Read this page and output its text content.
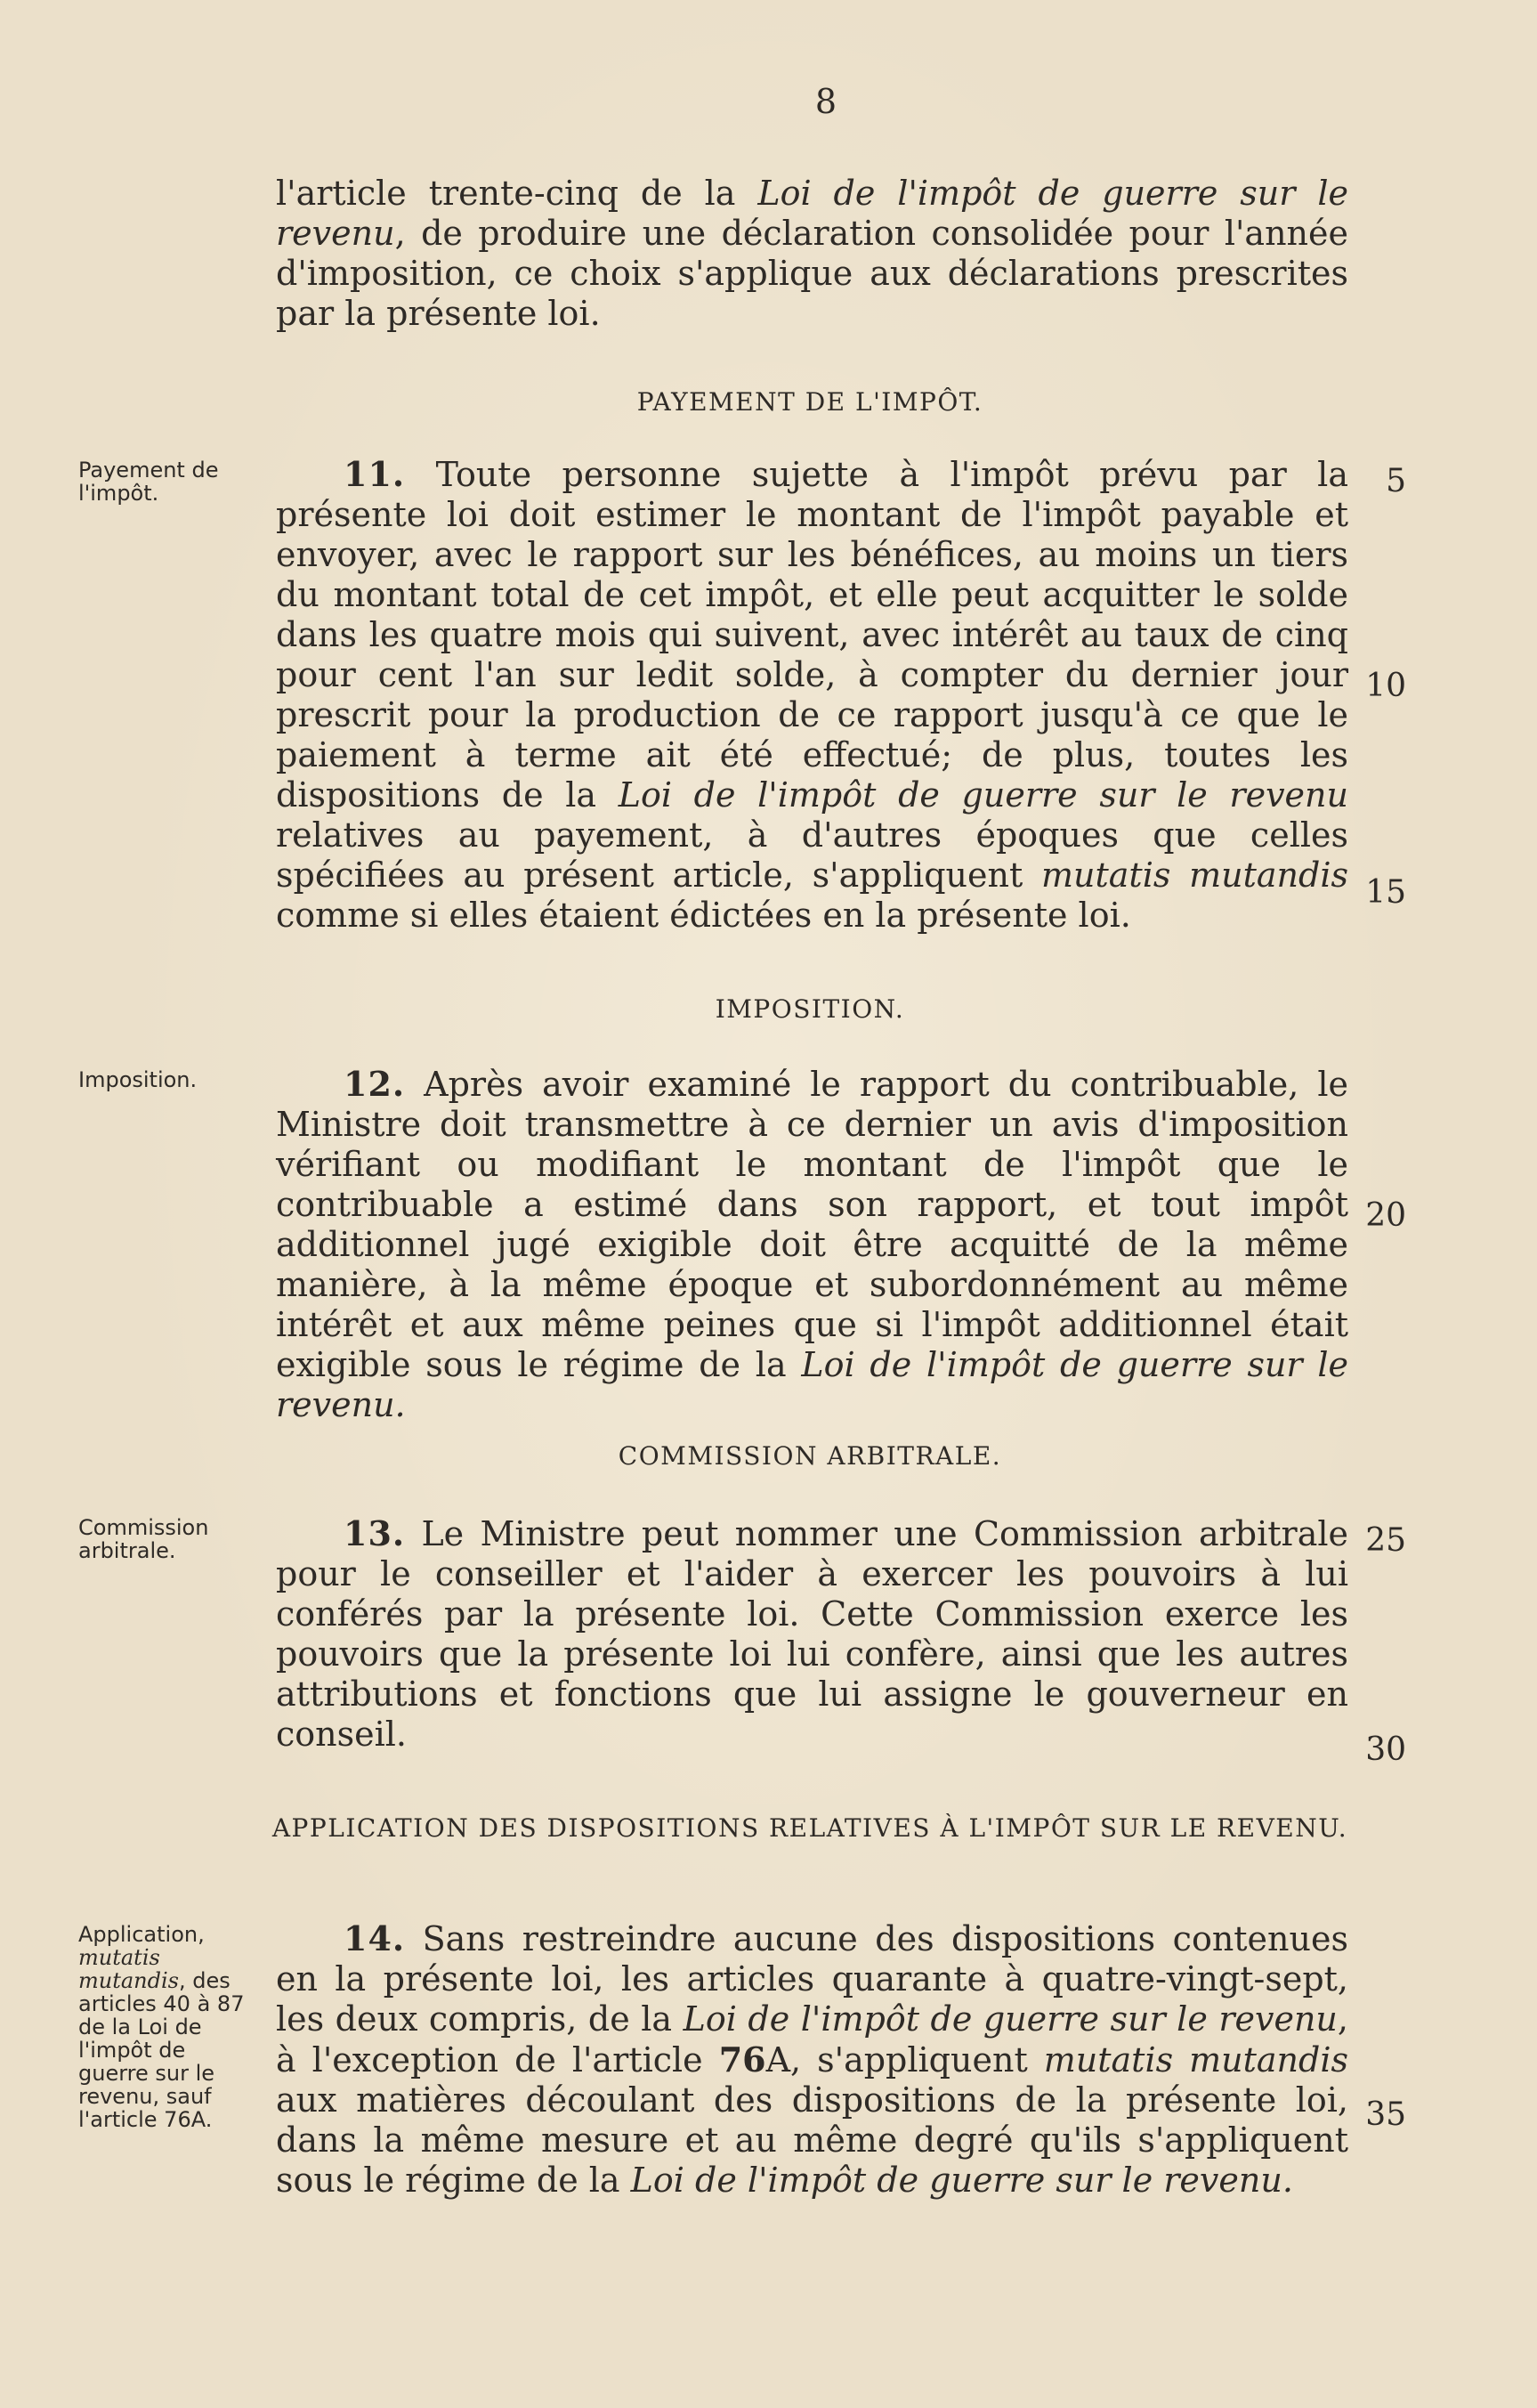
8

l'article trente-cinq de la Loi de l'impôt de guerre sur le revenu, de produire une déclaration consolidée pour l'année d'imposition, ce choix s'applique aux déclarations prescrites par la présente loi.

PAYEMENT DE L'IMPÔT.
Payement de l'impôt.

  	11. Toute personne sujette à l'impôt prévu par la présente loi doit estimer le montant de l'impôt payable et envoyer, avec le rapport sur les bénéfices, au moins un tiers du montant total de cet impôt, et elle peut acquitter le solde dans les quatre mois qui suivent, avec intérêt au taux de cinq pour cent l'an sur ledit solde, à compter du dernier jour prescrit pour la production de ce rapport jusqu'à ce que le paiement à terme ait été effectué; de plus, toutes les dispositions de la Loi de l'impôt de guerre sur le revenu relatives au payement, à d'autres époques que celles spécifiées au présent article, s'appliquent mutatis mutandis comme si elles étaient édictées en la présente loi.

IMPOSITION.
Imposition.

  	12. Après avoir examiné le rapport du contribuable, le Ministre doit transmettre à ce dernier un avis d'imposition vérifiant ou modifiant le montant de l'impôt que le contribuable a estimé dans son rapport, et tout impôt additionnel jugé exigible doit être acquitté de la même manière, à la même époque et subordonnément au même intérêt et aux même peines que si l'impôt additionnel était exigible sous le régime de la Loi de l'impôt de guerre sur le revenu.

COMMISSION ARBITRALE.
Commission arbitrale.

  	13. Le Ministre peut nommer une Commission arbitrale pour le conseiller et l'aider à exercer les pouvoirs à lui conférés par la présente loi. Cette Commission exerce les pouvoirs que la présente loi lui confère, ainsi que les autres attributions et fonctions que lui assigne le gouverneur en conseil.

APPLICATION DES DISPOSITIONS RELATIVES À L'IMPÔT SUR LE REVENU.
Application, mutatis mutandis, des articles 40 à 87 de la Loi de l'impôt de guerre sur le revenu, sauf l'article 76A.

  14. Sans restreindre aucune des dispositions contenues en la présente loi, les articles quarante à quatre-vingt-sept, les deux compris, de la Loi de l'impôt de guerre sur le revenu, à l'exception de l'article 76A, s'appliquent mutatis mutandis aux matières découlant des dispositions de la présente loi, dans la même mesure et au même degré qu'ils s'appliquent sous le régime de la Loi de l'impôt de guerre sur le revenu.

5
10
15
20
25
30
35
